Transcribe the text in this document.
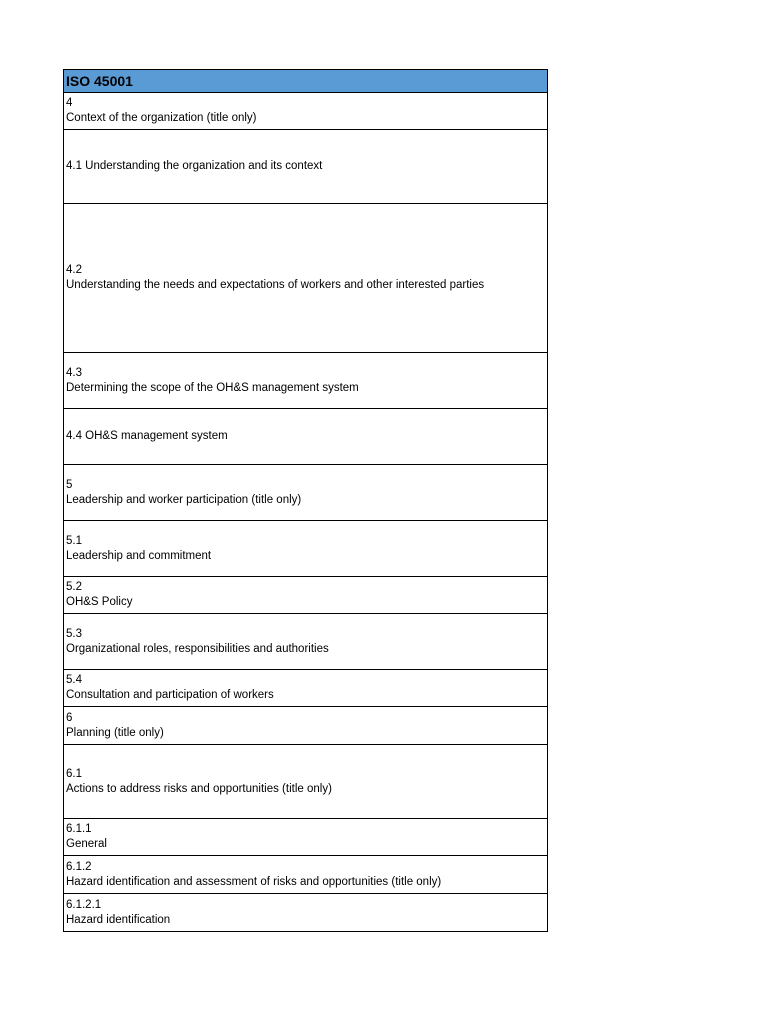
ISO 45001
4
Context of the organization (title only)
4.1 Understanding the organization and its context
4.2
Understanding the needs and expectations of workers and other interested parties
4.3
Determining the scope of the OH&S management system
4.4 OH&S management system
5
Leadership and worker participation (title only)
5.1
Leadership and commitment
5.2
OH&S Policy
5.3
Organizational roles, responsibilities and authorities
5.4
Consultation and participation of workers
6
Planning (title only)
6.1
Actions to address risks and opportunities (title only)
6.1.1
General
6.1.2
Hazard identification and assessment of risks and opportunities (title only)
6.1.2.1
Hazard identification
